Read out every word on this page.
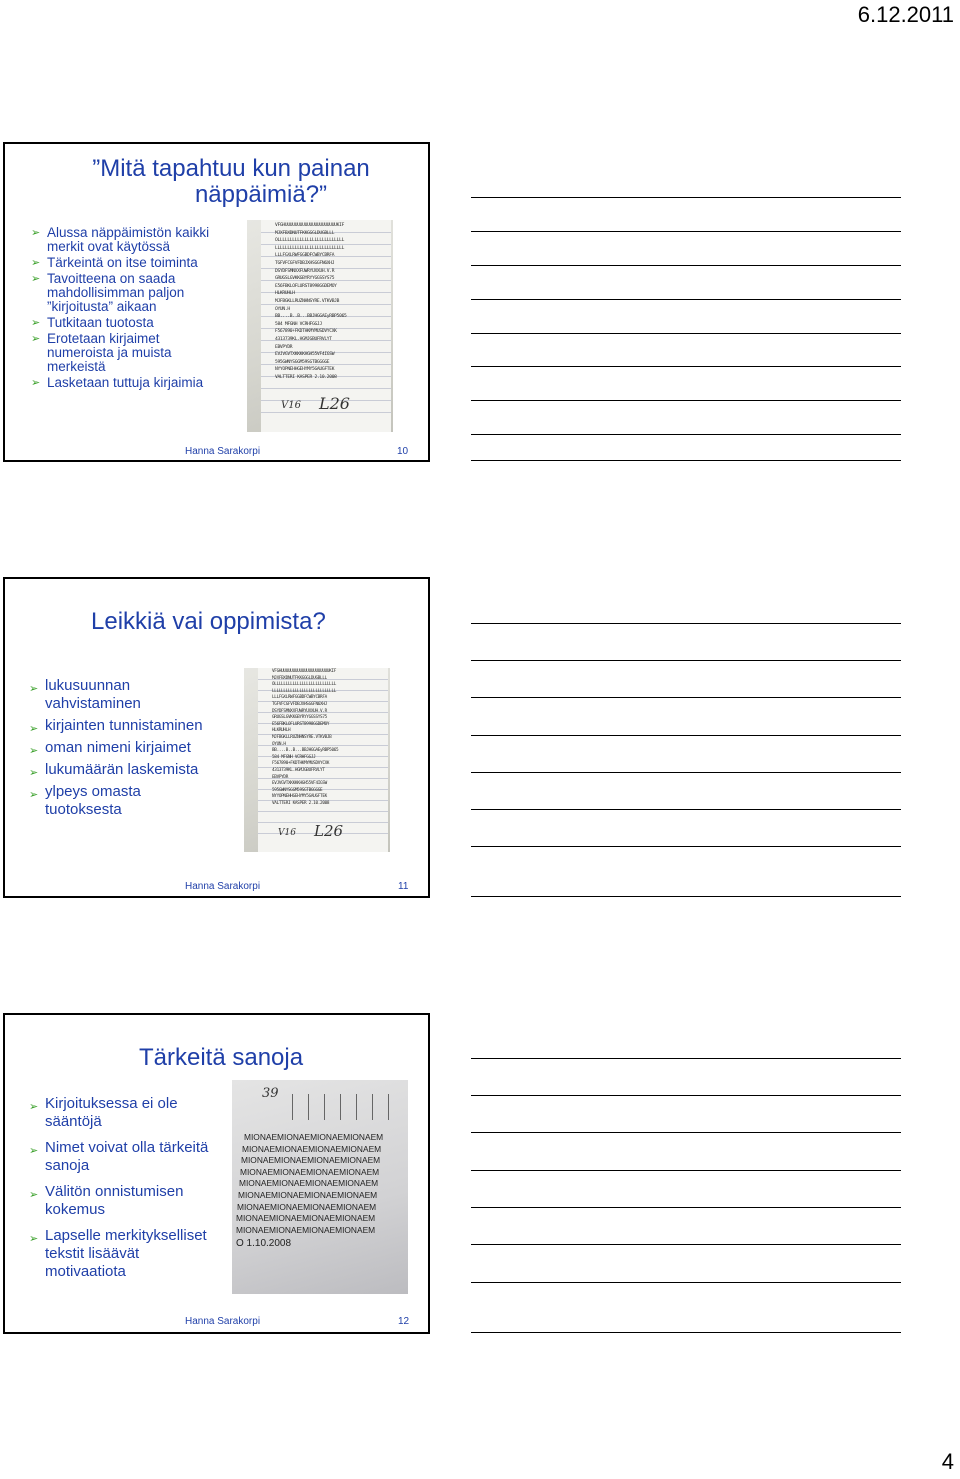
6.12.2011
”Mitä tapahtuu kun painan
näppäimiä?”
➢ Alussa näppäimistön kaikki merkit ovat käytössä
➢ Tärkeintä on itse toiminta
➢ Tavoitteena on saada mahdollisimman paljon ”kirjoitusta” aikaan
➢ Tutkitaan tuotosta
➢ Erotetaan kirjaimet numeroista ja muista merkeistä
➢ Lasketaan tuttuja kirjaimia
VFGHUUUUUUUUUUUUUUUUUUUUUKIF
MJXFBXDNUTFKKGGGLDUGBLLL
OLLLLLLLLLLLLLLLLLLLLLLLLLLL
LLLLLLLLLLLLLLLLLLLLLLLLLLLL
LLLFGXLRWFGGBDFCWBYCBRFA
TGFVFCGFVFDBJXHSGGFN6XHJ
DSYDFSMNXXFUWRYUXXUH.V.R
GRUGSLGVKKGBYRYYGGSSYS75
E56FBKLOFLURST8998GGDEMOY
HLKRUHLH
MJFBGKLLRUZNHNSYRE.VTKVBJB
OYUN.H
BB....B..B...BBJHGGAEyRBP5065
584 MFGNH VCRHFGGJJ
F567890+FKDTHKMYMUSDVYCXK
4313739KL.HGMJGBUFRVLYT
EBVPYDR
EVJVGVTXKKKKHGH55VF4IGSW
595GWNYSGGM59SGTBGGGGE
NYYOPNEHHGEHYMY5GAUGFTEK
VALTTERI KASPER 2.10.2008
V16 L26
Hanna Sarakorpi	10
Leikkiä vai oppimista?
➢ lukusuunnan vahvistaminen
➢ kirjainten tunnistaminen
➢ oman nimeni kirjaimet
➢ lukumäärän laskemista
➢ ylpeys omasta tuotoksesta
VFGHUUUUUUUUUUUUUUUUUUUUUKIF
MJXFBXDNUTFKKGGGLDUGBLLL
OLLLLLLLLLLLLLLLLLLLLLLLLLLL
LLLLLLLLLLLLLLLLLLLLLLLLLLLL
LLLFGXLRWFGGBDFCWBYCBRFA
TGFVFCGFVFDBJXHSGGFN6XHJ
DSYDFSMNXXFUWRYUXXUH.V.R
GRUGSLGVKKGBYRYYGGSSYS75
E56FBKLOFLURST8998GGDEMOY
HLKRUHLH
MJFBGKLLRUZNHNSYRE.VTKVBJB
OYUN.H
BB....B..B...BBJHGGAEyRBP5065
584 MFGNH VCRHFGGJJ
F567890+FKDTHKMYMUSDVYCXK
4313739KL.HGMJGBUFRVLYT
EBVPYDR
EVJVGVTXKKKKHGH55VF4IGSW
595GWNYSGGM59SGTBGGGGE
NYYOPNEHHGEHYMY5GAUGFTEK
VALTTERI KASPER 2.10.2008
V16 L26
Hanna Sarakorpi	11
Tärkeitä sanoja
➢ Kirjoituksessa ei ole sääntöjä
➢ Nimet voivat olla tärkeitä sanoja
➢ Välitön onnistumisen kokemus
➢ Lapselle merkitykselliset tekstit lisäävät motivaatiota
39
MIONAEMIONAEMIONAEMIONAEM
MIONAEMIONAEMIONAEMIONAEM
MIONAEMIONAEMIONAEMIONAEM
MIONAEMIONAEMIONAEMIONAEM
MIONAEMIONAEMIONAEMIONAEM
MIONAEMIONAEMIONAEMIONAEM
MIONAEMIONAEMIONAEMIONAEM
MIONAEMIONAEMIONAEMIONAEM
MIONAEMIONAEMIONAEMIONAEM
O 1.10.2008
Hanna Sarakorpi	12
4
